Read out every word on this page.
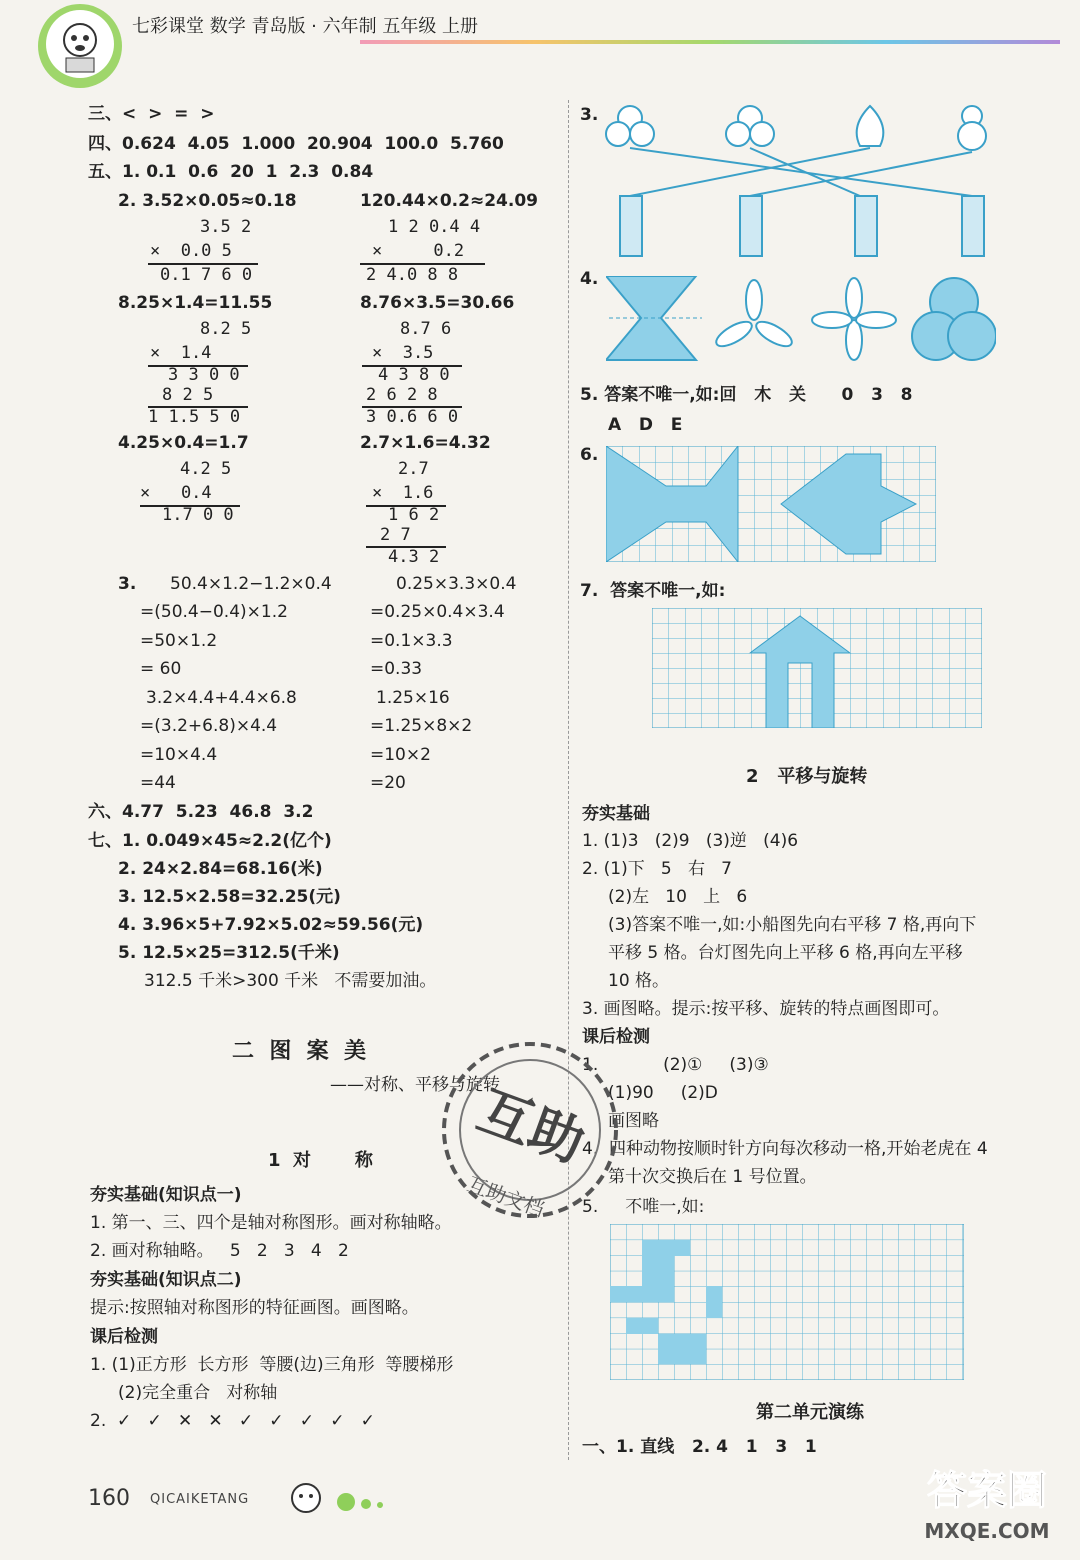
七彩课堂 数学 青岛版 · 六年制 五年级 上册
三、<  >  =  >
四、0.624  4.05  1.000  20.904  100.0  5.760
五、1. 0.1  0.6  20  1  2.3  0.84
2. 3.52×0.05≈0.18	120.44×0.2≈24.09
3.5 2
×  0.0 5
0.1 7 6 0
1 2 0.4 4
×     0.2
2 4.0 8 8
8.25×1.4=11.55	8.76×3.5=30.66
8.2 5
×  1.4
3 3 0 0
8 2 5
1 1.5 5 0
8.7 6
×  3.5
4 3 8 0
2 6 2 8
3 0.6 6 0
4.25×0.4=1.7	2.7×1.6=4.32
4.2 5
×   0.4
1.7 0 0
2.7
×  1.6
1 6 2
2 7
4.3 2
3. 50.4×1.2−1.2×0.4
=(50.4−0.4)×1.2
=50×1.2
= 60
0.25×3.3×0.4
=0.25×0.4×3.4
=0.1×3.3
=0.33
3.2×4.4+4.4×6.8
=(3.2+6.8)×4.4
=10×4.4
=44
1.25×16
=1.25×8×2
=10×2
=20
六、4.77  5.23  46.8  3.2
七、1. 0.049×45≈2.2(亿个)
2. 24×2.84=68.16(米)
3. 12.5×2.58=32.25(元)
4. 3.96×5+7.92×5.02≈59.56(元)
5. 12.5×25=312.5(千米)
312.5 千米>300 千米   不需要加油。
二  图  案  美
——对称、平移与旋转
1  对       称
夯实基础(知识点一)
1. 第一、三、四个是轴对称图形。画对称轴略。
2. 画对称轴略。   5   2   3   4   2
夯实基础(知识点二)
提示:按照轴对称图形的特征画图。画图略。
课后检测
1. (1)正方形  长方形  等腰(边)三角形  等腰梯形
(2)完全重合   对称轴
2.  ✓   ✓   ✕   ✕   ✓   ✓   ✓   ✓   ✓
3.
4.
5. 答案不唯一,如:回   木   关      0   3   8
A   D   E
6.
7.  答案不唯一,如:
2   平移与旋转
夯实基础
1. (1)3   (2)9   (3)逆   (4)6
2. (1)下   5   右   7
(2)左   10   上   6
(3)答案不唯一,如:小船图先向右平移 7 格,再向下
平移 5 格。台灯图先向上平移 6 格,再向左平移
10 格。
3. 画图略。提示:按平移、旋转的特点画图即可。
课后检测
1.            (2)①     (3)③
(1)90     (2)D
画图略
4.  四种动物按顺时针方向每次移动一格,开始老虎在 4
第十次交换后在 1 号位置。
5.     不唯一,如:
第二单元演练
一、1. 直线   2. 4   1   3   1
互助
互助文档
160 QICAIKETANG	答案圈
MXQE.COM
